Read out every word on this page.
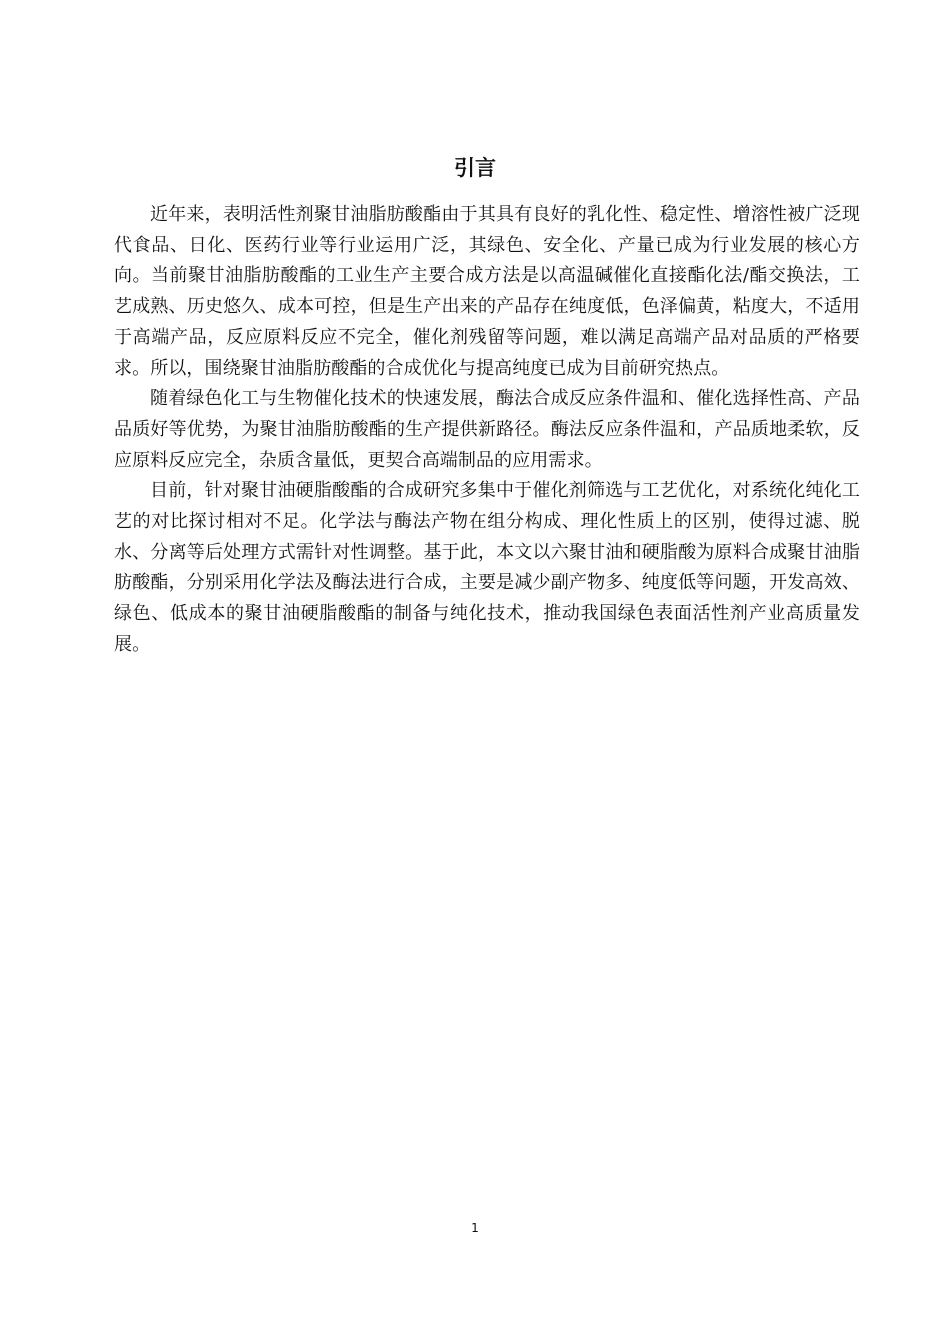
引言

近年来，表明活性剂聚甘油脂肪酸酯由于其具有良好的乳化性、稳定性、增溶性被广泛现代食品、日化、医药行业等行业运用广泛，其绿色、安全化、产量已成为行业发展的核心方向。当前聚甘油脂肪酸酯的工业生产主要合成方法是以高温碱催化直接酯化法/酯交换法，工艺成熟、历史悠久、成本可控，但是生产出来的产品存在纯度低，色泽偏黄，粘度大，不适用于高端产品，反应原料反应不完全，催化剂残留等问题，难以满足高端产品对品质的严格要求。所以，围绕聚甘油脂肪酸酯的合成优化与提高纯度已成为目前研究热点。

随着绿色化工与生物催化技术的快速发展，酶法合成反应条件温和、催化选择性高、产品品质好等优势，为聚甘油脂肪酸酯的生产提供新路径。酶法反应条件温和，产品质地柔软，反应原料反应完全，杂质含量低，更契合高端制品的应用需求。

目前，针对聚甘油硬脂酸酯的合成研究多集中于催化剂筛选与工艺优化，对系统化纯化工艺的对比探讨相对不足。化学法与酶法产物在组分构成、理化性质上的区别，使得过滤、脱水、分离等后处理方式需针对性调整。基于此，本文以六聚甘油和硬脂酸为原料合成聚甘油脂肪酸酯，分别采用化学法及酶法进行合成，主要是减少副产物多、纯度低等问题，开发高效、绿色、低成本的聚甘油硬脂酸酯的制备与纯化技术，推动我国绿色表面活性剂产业高质量发展。

1
